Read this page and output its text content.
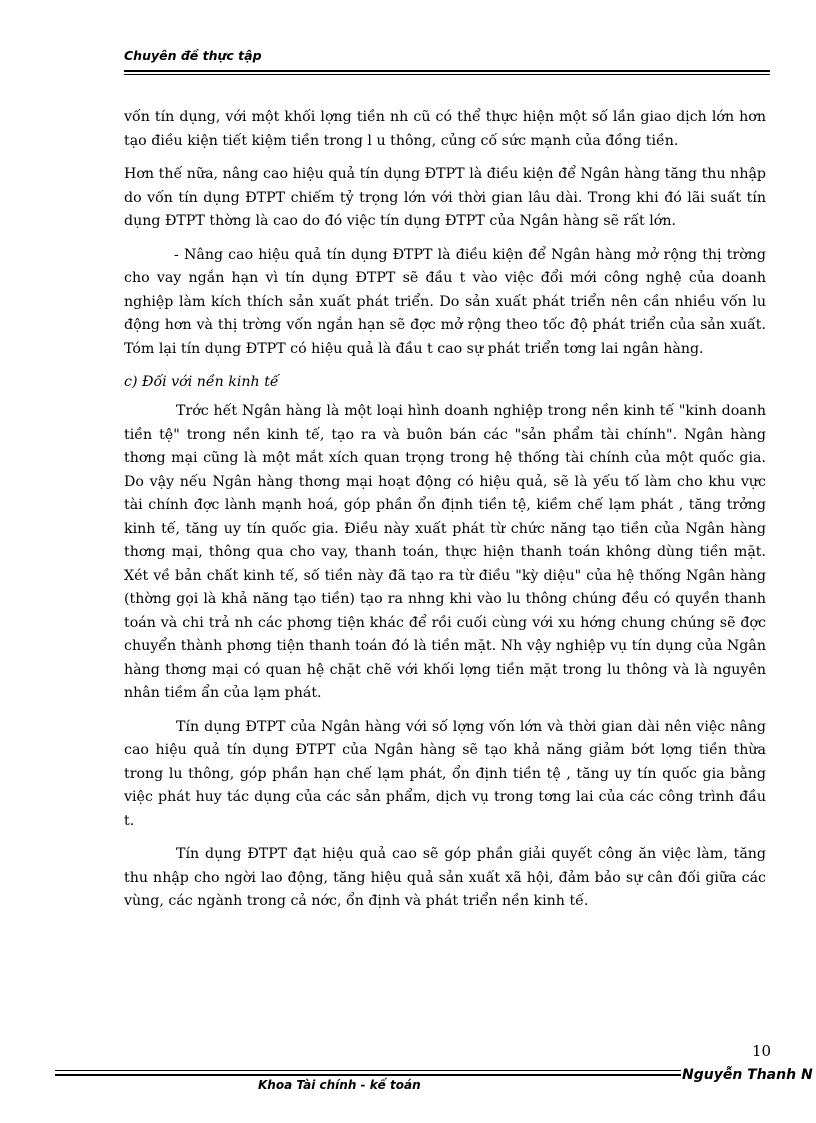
Chuyên đề thực tập

vốn tín dụng, với một khối lợng tiền nh cũ có thể thực hiện một số lần giao dịch lớn hơn tạo điều kiện tiết kiệm tiền trong l u thông, củng cố sức mạnh của đồng tiền.

Hơn thế nữa, nâng cao hiệu quả tín dụng ĐTPT là điều kiện để Ngân hàng tăng thu nhập do vốn tín dụng ĐTPT chiếm tỷ trọng lớn với thời gian lâu dài. Trong khi đó lãi suất tín dụng ĐTPT thờng là cao do đó việc tín dụng ĐTPT của Ngân hàng sẽ rất lớn.

- Nâng cao hiệu quả tín dụng ĐTPT là điều kiện để Ngân hàng mở rộng thị trờng cho vay ngắn hạn vì tín dụng ĐTPT sẽ đầu t vào việc đổi mới công nghệ của doanh nghiệp làm kích thích sản xuất phát triển. Do sản xuất phát triển nên cần nhiều vốn lu động hơn và thị trờng vốn ngắn hạn sẽ đợc mở rộng theo tốc độ phát triển của sản xuất. Tóm lại tín dụng ĐTPT có hiệu quả là đầu t cao sự phát triển tơng lai ngân hàng.

c) Đối với nền kinh tế

Trớc hết Ngân hàng là một loại hình doanh nghiệp trong nền kinh tế "kinh doanh tiền tệ" trong nền kinh tế, tạo ra và buôn bán các "sản phẩm tài chính". Ngân hàng thơng mại cũng là một mắt xích quan trọng trong hệ thống tài chính của một quốc gia. Do vậy nếu Ngân hàng thơng mại hoạt động có hiệu quả, sẽ là yếu tố làm cho khu vực tài chính đợc lành mạnh hoá, góp phần ổn định tiền tệ, kiềm chế lạm phát , tăng trởng kinh tế, tăng uy tín quốc gia. Điều này xuất phát từ chức năng tạo tiền của Ngân hàng thơng mại, thông qua cho vay, thanh toán, thực hiện thanh toán không dùng tiền mặt. Xét về bản chất kinh tế, số tiền này đã tạo ra từ điều "kỳ diệu" của hệ thống Ngân hàng (thờng gọi là khả năng tạo tiền) tạo ra nhng khi vào lu thông chúng đều có quyền thanh toán và chi trả nh các phơng tiện khác để rồi cuối cùng với xu hớng chung chúng sẽ đợc chuyển thành phơng tiện thanh toán đó là tiền mặt. Nh vậy nghiệp vụ tín dụng của Ngân hàng thơng mại có quan hệ chặt chẽ với khối lợng tiền mặt trong lu thông và là nguyên nhân tiềm ẩn của lạm phát.

Tín dụng ĐTPT của Ngân hàng với số lợng vốn lớn và thời gian dài nên việc nâng cao hiệu quả tín dụng ĐTPT của Ngân hàng sẽ tạo khả năng giảm bớt lợng tiền thừa trong lu thông, góp phần hạn chế lạm phát, ổn định tiền tệ , tăng uy tín quốc gia bằng việc phát huy tác dụng của các sản phẩm, dịch vụ trong tơng lai của các công trình đầu t.

Tín dụng ĐTPT đạt hiệu quả cao sẽ góp phần giải quyết công ăn việc làm, tăng thu nhập cho ngời lao động, tăng hiệu quả sản xuất xã hội, đảm bảo sự cân đối giữa các vùng, các ngành trong cả nớc, ổn định và phát triển nền kinh tế.

10
Nguyễn Thanh N
Khoa Tài chính - kế toán
